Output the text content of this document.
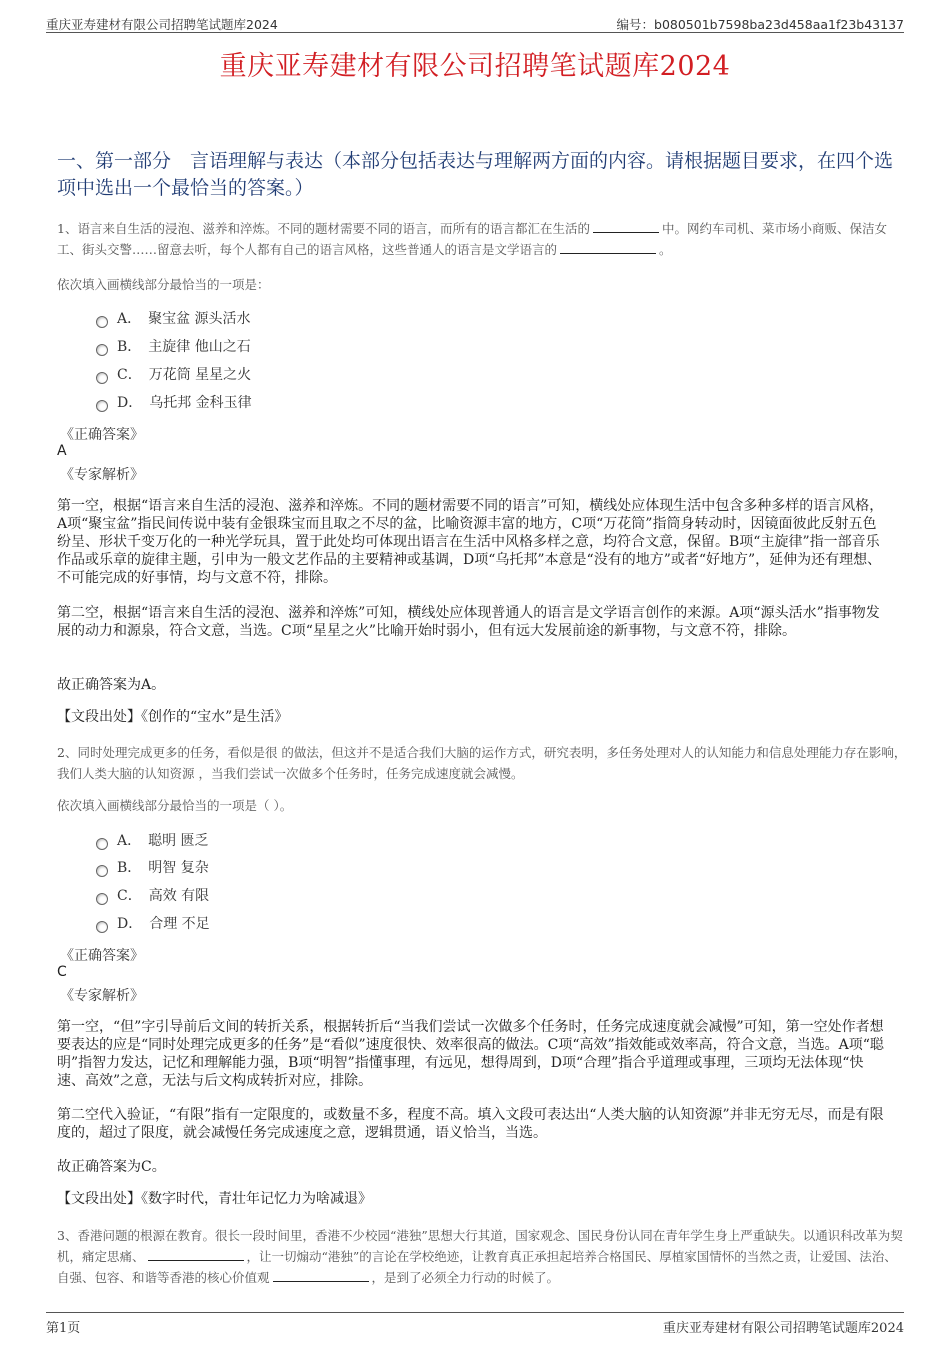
重庆亚寿建材有限公司招聘笔试题库2024	编号：b080501b7598ba23d458aa1f23b43137
重庆亚寿建材有限公司招聘笔试题库2024
一、第一部分　言语理解与表达（本部分包括表达与理解两方面的内容。请根据题目要求，在四个选项中选出一个最恰当的答案。）
1、语言来自生活的浸泡、滋养和淬炼。不同的题材需要不同的语言，而所有的语言都汇在生活的	中。网约车司机、菜市场小商贩、保洁女工、街头交警……留意去听，每个人都有自己的语言风格，这些普通人的语言是文学语言的	。
依次填入画横线部分最恰当的一项是：
A．　聚宝盆 源头活水
B．　主旋律 他山之石
C．　万花筒 星星之火
D．　乌托邦 金科玉律
《正确答案》
A
《专家解析》
第一空，根据“语言来自生活的浸泡、滋养和淬炼。不同的题材需要不同的语言”可知，横线处应体现生活中包含多种多样的语言风格，A项“聚宝盆”指民间传说中装有金银珠宝而且取之不尽的盆，比喻资源丰富的地方，C项“万花筒”指筒身转动时，因镜面彼此反射五色纷呈、形状千变万化的一种光学玩具，置于此处均可体现出语言在生活中风格多样之意，均符合文意，保留。B项“主旋律”指一部音乐作品或乐章的旋律主题，引申为一般文艺作品的主要精神或基调，D项“乌托邦”本意是“没有的地方”或者“好地方”，延伸为还有理想、不可能完成的好事情，均与文意不符，排除。
第二空，根据“语言来自生活的浸泡、滋养和淬炼”可知，横线处应体现普通人的语言是文学语言创作的来源。A项“源头活水”指事物发展的动力和源泉，符合文意，当选。C项“星星之火”比喻开始时弱小，但有远大发展前途的新事物，与文意不符，排除。
故正确答案为A。
【文段出处】《创作的“宝水”是生活》
2、同时处理完成更多的任务，看似是很 的做法，但这并不是适合我们大脑的运作方式，研究表明，多任务处理对人的认知能力和信息处理能力存在影响，我们人类大脑的认知资源 ，当我们尝试一次做多个任务时，任务完成速度就会减慢。
依次填入画横线部分最恰当的一项是（ ）。
A．　聪明 匮乏
B．　明智 复杂
C．　高效 有限
D．　合理 不足
《正确答案》
C
《专家解析》
第一空，“但”字引导前后文间的转折关系，根据转折后“当我们尝试一次做多个任务时，任务完成速度就会减慢”可知，第一空处作者想要表达的应是“同时处理完成更多的任务”是“看似”速度很快、效率很高的做法。C项“高效”指效能或效率高，符合文意，当选。A项“聪明”指智力发达，记忆和理解能力强，B项“明智”指懂事理，有远见，想得周到，D项“合理”指合乎道理或事理，三项均无法体现“快速、高效”之意，无法与后文构成转折对应，排除。
第二空代入验证，“有限”指有一定限度的，或数量不多，程度不高。填入文段可表达出“人类大脑的认知资源”并非无穷无尽，而是有限度的，超过了限度，就会减慢任务完成速度之意，逻辑贯通，语义恰当，当选。
故正确答案为C。
【文段出处】《数字时代，青壮年记忆力为啥减退》
3、香港问题的根源在教育。很长一段时间里，香港不少校园“港独”思想大行其道，国家观念、国民身份认同在青年学生身上严重缺失。以通识科改革为契机，痛定思痛、	，让一切煽动“港独”的言论在学校绝迹，让教育真正承担起培养合格国民、厚植家国情怀的当然之责，让爱国、法治、自强、包容、和谐等香港的核心价值观	，是到了必须全力行动的时候了。
第1页	重庆亚寿建材有限公司招聘笔试题库2024
